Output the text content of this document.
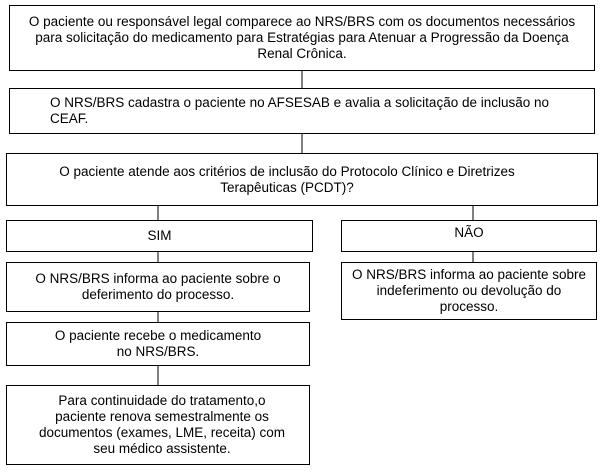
O paciente ou responsável legal comparece ao NRS/BRS com os documentos necessários para solicitação do medicamento para Estratégias para Atenuar a Progressão da Doença Renal Crônica.
O NRS/BRS cadastra o paciente no AFSESAB e avalia a solicitação de inclusão no CEAF.
O paciente atende aos critérios de inclusão do Protocolo Clínico e Diretrizes Terapêuticas (PCDT)?
SIM	NÃO
O NRS/BRS informa ao paciente sobre o deferimento do processo.
O NRS/BRS informa ao paciente sobre indeferimento ou devolução do processo.
O paciente recebe o medicamento no NRS/BRS.
Para continuidade do tratamento,o paciente renova semestralmente os documentos (exames, LME, receita) com seu médico assistente.
